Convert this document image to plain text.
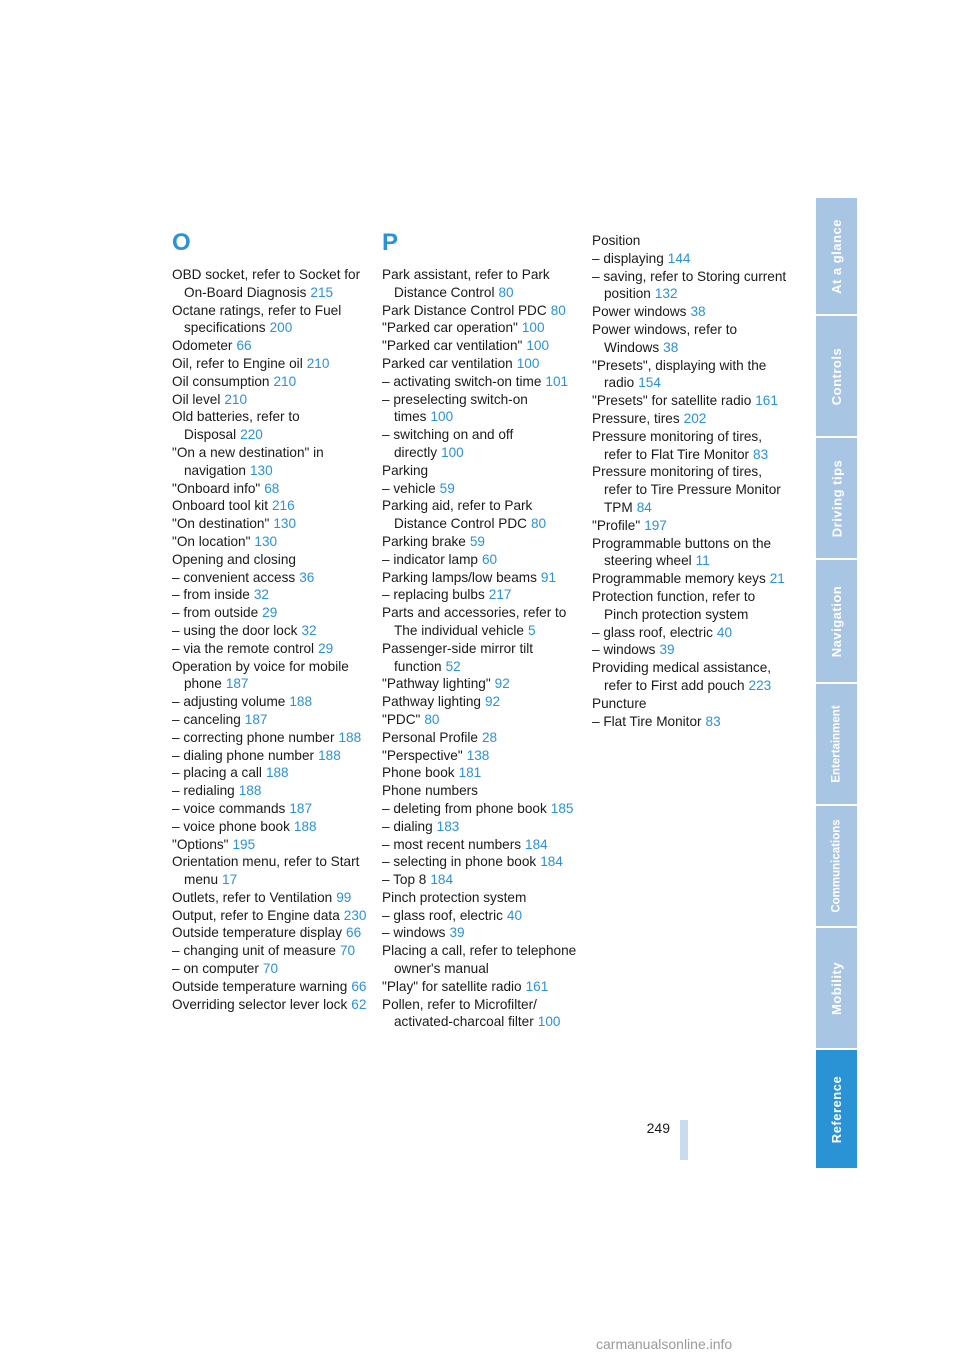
O

OBD socket, refer to Socket for On-Board Diagnosis 215

Octane ratings, refer to Fuel specifications 200

Odometer 66

Oil, refer to Engine oil 210

Oil consumption 210

Oil level 210

Old batteries, refer to Disposal 220

"On a new destination" in navigation 130

"Onboard info" 68

Onboard tool kit 216

"On destination" 130

"On location" 130

Opening and closing

– convenient access 36

– from inside 32

– from outside 29

– using the door lock 32

– via the remote control 29

Operation by voice for mobile phone 187

– adjusting volume 188

– canceling 187

– correcting phone number 188

– dialing phone number 188

– placing a call 188

– redialing 188

– voice commands 187

– voice phone book 188

"Options" 195

Orientation menu, refer to Start menu 17

Outlets, refer to Ventilation 99

Output, refer to Engine data 230

Outside temperature display 66

– changing unit of measure 70

– on computer 70

Outside temperature warning 66

Overriding selector lever lock 62

P

Park assistant, refer to Park Distance Control 80

Park Distance Control PDC 80

"Parked car operation" 100

"Parked car ventilation" 100

Parked car ventilation 100

– activating switch-on time 101

– preselecting switch-on times 100

– switching on and off directly 100

Parking

– vehicle 59

Parking aid, refer to Park Distance Control PDC 80

Parking brake 59

– indicator lamp 60

Parking lamps/low beams 91

– replacing bulbs 217

Parts and accessories, refer to The individual vehicle 5

Passenger-side mirror tilt function 52

"Pathway lighting" 92

Pathway lighting 92

"PDC" 80

Personal Profile 28

"Perspective" 138

Phone book 181

Phone numbers

– deleting from phone book 185

– dialing 183

– most recent numbers 184

– selecting in phone book 184

– Top 8 184

Pinch protection system

– glass roof, electric 40

– windows 39

Placing a call, refer to telephone owner's manual

"Play" for satellite radio 161

Pollen, refer to Microfilter/ activated-charcoal filter 100

Position

– displaying 144

– saving, refer to Storing current position 132

Power windows 38

Power windows, refer to Windows 38

"Presets", displaying with the radio 154

"Presets" for satellite radio 161

Pressure, tires 202

Pressure monitoring of tires, refer to Flat Tire Monitor 83

Pressure monitoring of tires, refer to Tire Pressure Monitor TPM 84

"Profile" 197

Programmable buttons on the steering wheel 11

Programmable memory keys 21

Protection function, refer to Pinch protection system

– glass roof, electric 40

– windows 39

Providing medical assistance, refer to First add pouch 223

Puncture

– Flat Tire Monitor 83

At a glance
Controls
Driving tips
Navigation
Entertainment
Communications
Mobility
Reference
249
carmanualsonline.info
